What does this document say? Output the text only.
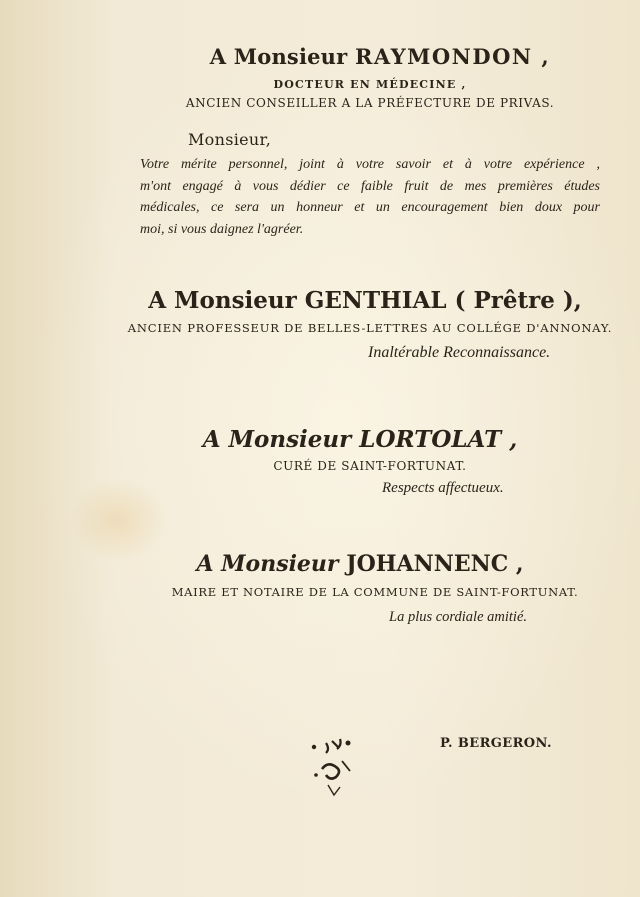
A Monsieur RAYMONDON ,
DOCTEUR EN MÉDECINE ,
ANCIEN CONSEILLER A LA PRÉFECTURE DE PRIVAS.
Monsieur,
Votre mérite personnel, joint à votre savoir et à votre expérience ,
m'ont engagé à vous dédier ce faible fruit de mes premières études
médicales, ce sera un honneur et un encouragement bien doux pour
moi, si vous daignez l'agréer.
A Monsieur GENTHIAL ( Prêtre ),
ANCIEN PROFESSEUR DE BELLES-LETTRES AU COLLÉGE D'ANNONAY.
Inaltérable Reconnaissance.
A Monsieur LORTOLAT ,
CURÉ DE SAINT-FORTUNAT.
Respects affectueux.
A Monsieur JOHANNENC ,
MAIRE ET NOTAIRE DE LA COMMUNE DE SAINT-FORTUNAT.
La plus cordiale amitié.
P. BERGERON.
